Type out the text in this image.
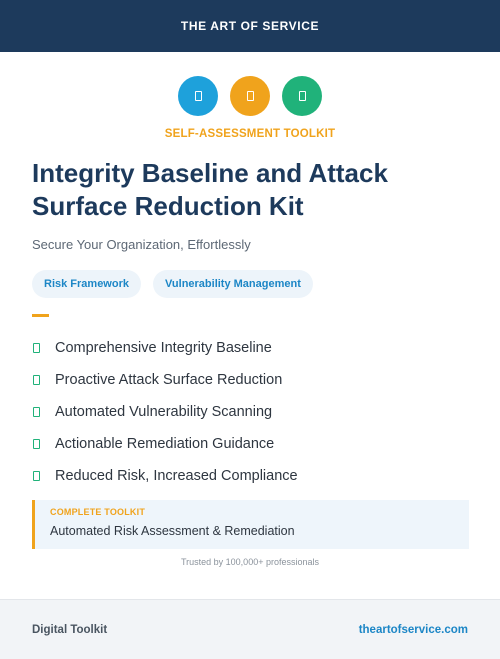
THE ART OF SERVICE
SELF-ASSESSMENT TOOLKIT
Integrity Baseline and Attack Surface Reduction Kit
Secure Your Organization, Effortlessly
Risk Framework	Vulnerability Management
Comprehensive Integrity Baseline
Proactive Attack Surface Reduction
Automated Vulnerability Scanning
Actionable Remediation Guidance
Reduced Risk, Increased Compliance
COMPLETE TOOLKIT
Automated Risk Assessment & Remediation
Trusted by 100,000+ professionals
Digital Toolkit	theartofservice.com
